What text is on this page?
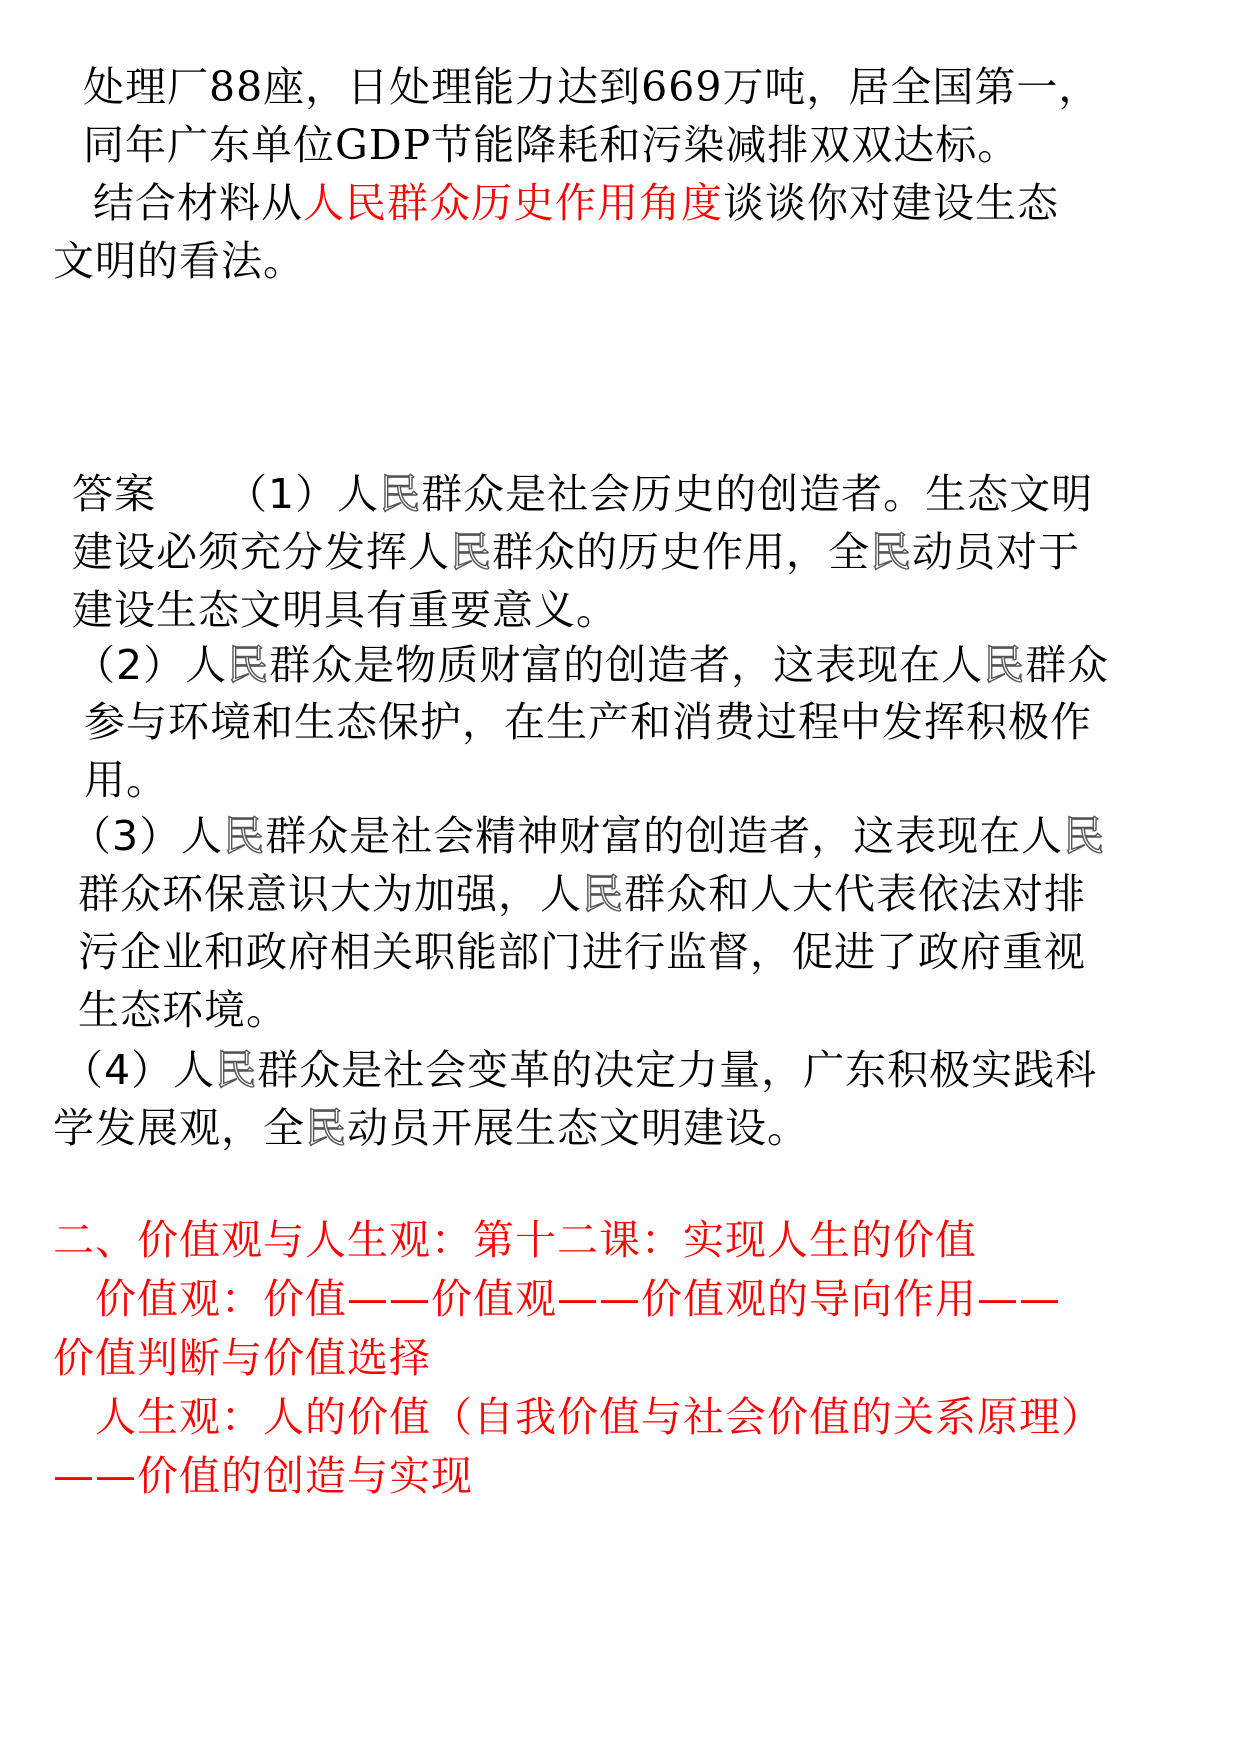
处理厂88座，日处理能力达到669万吨，居全国第一，
同年广东单位GDP节能降耗和污染减排双双达标。
结合材料从人民群众历史作用角度谈谈你对建设生态
文明的看法。
答案 （1）人民群众是社会历史的创造者。生态文明
建设必须充分发挥人民群众的历史作用，全民动员对于
建设生态文明具有重要意义。
（2）人民群众是物质财富的创造者，这表现在人民群众
参与环境和生态保护，在生产和消费过程中发挥积极作
用。
（3）人民群众是社会精神财富的创造者，这表现在人民
群众环保意识大为加强，人民群众和人大代表依法对排
污企业和政府相关职能部门进行监督，促进了政府重视
生态环境。
（4）人民群众是社会变革的决定力量，广东积极实践科
学发展观，全民动员开展生态文明建设。
二、价值观与人生观：第十二课：实现人生的价值
价值观：价值——价值观——价值观的导向作用——
价值判断与价值选择
人生观：人的价值（自我价值与社会价值的关系原理）
——价值的创造与实现
